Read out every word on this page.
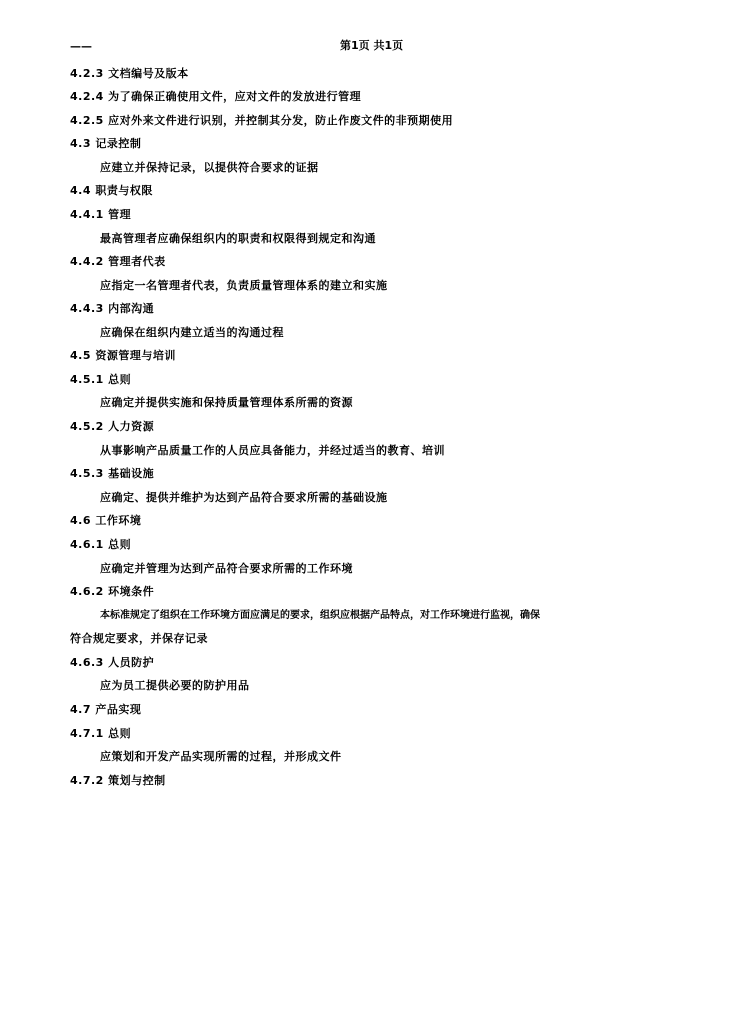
——	第1页 共1页
4.2.3 文档编号及版本
4.2.4 为了确保正确使用文件，应对文件的发放进行管理
4.2.5 应对外来文件进行识别，并控制其分发，防止作废文件的非预期使用
4.3 记录控制
应建立并保持记录，以提供符合要求的证据
4.4 职责与权限
4.4.1 管理
最高管理者应确保组织内的职责和权限得到规定和沟通
4.4.2 管理者代表
应指定一名管理者代表，负责质量管理体系的建立和实施
4.4.3 内部沟通
应确保在组织内建立适当的沟通过程
4.5 资源管理与培训
4.5.1 总则
应确定并提供实施和保持质量管理体系所需的资源
4.5.2 人力资源
从事影响产品质量工作的人员应具备能力，并经过适当的教育、培训
4.5.3 基础设施
应确定、提供并维护为达到产品符合要求所需的基础设施
4.6 工作环境
4.6.1 总则
应确定并管理为达到产品符合要求所需的工作环境
4.6.2 环境条件
本标准规定了组织在工作环境方面应满足的要求，组织应根据产品特点，对工作环境进行监视，确保
符合规定要求，并保存记录
4.6.3 人员防护
应为员工提供必要的防护用品
4.7 产品实现
4.7.1 总则
应策划和开发产品实现所需的过程，并形成文件
4.7.2 策划与控制
